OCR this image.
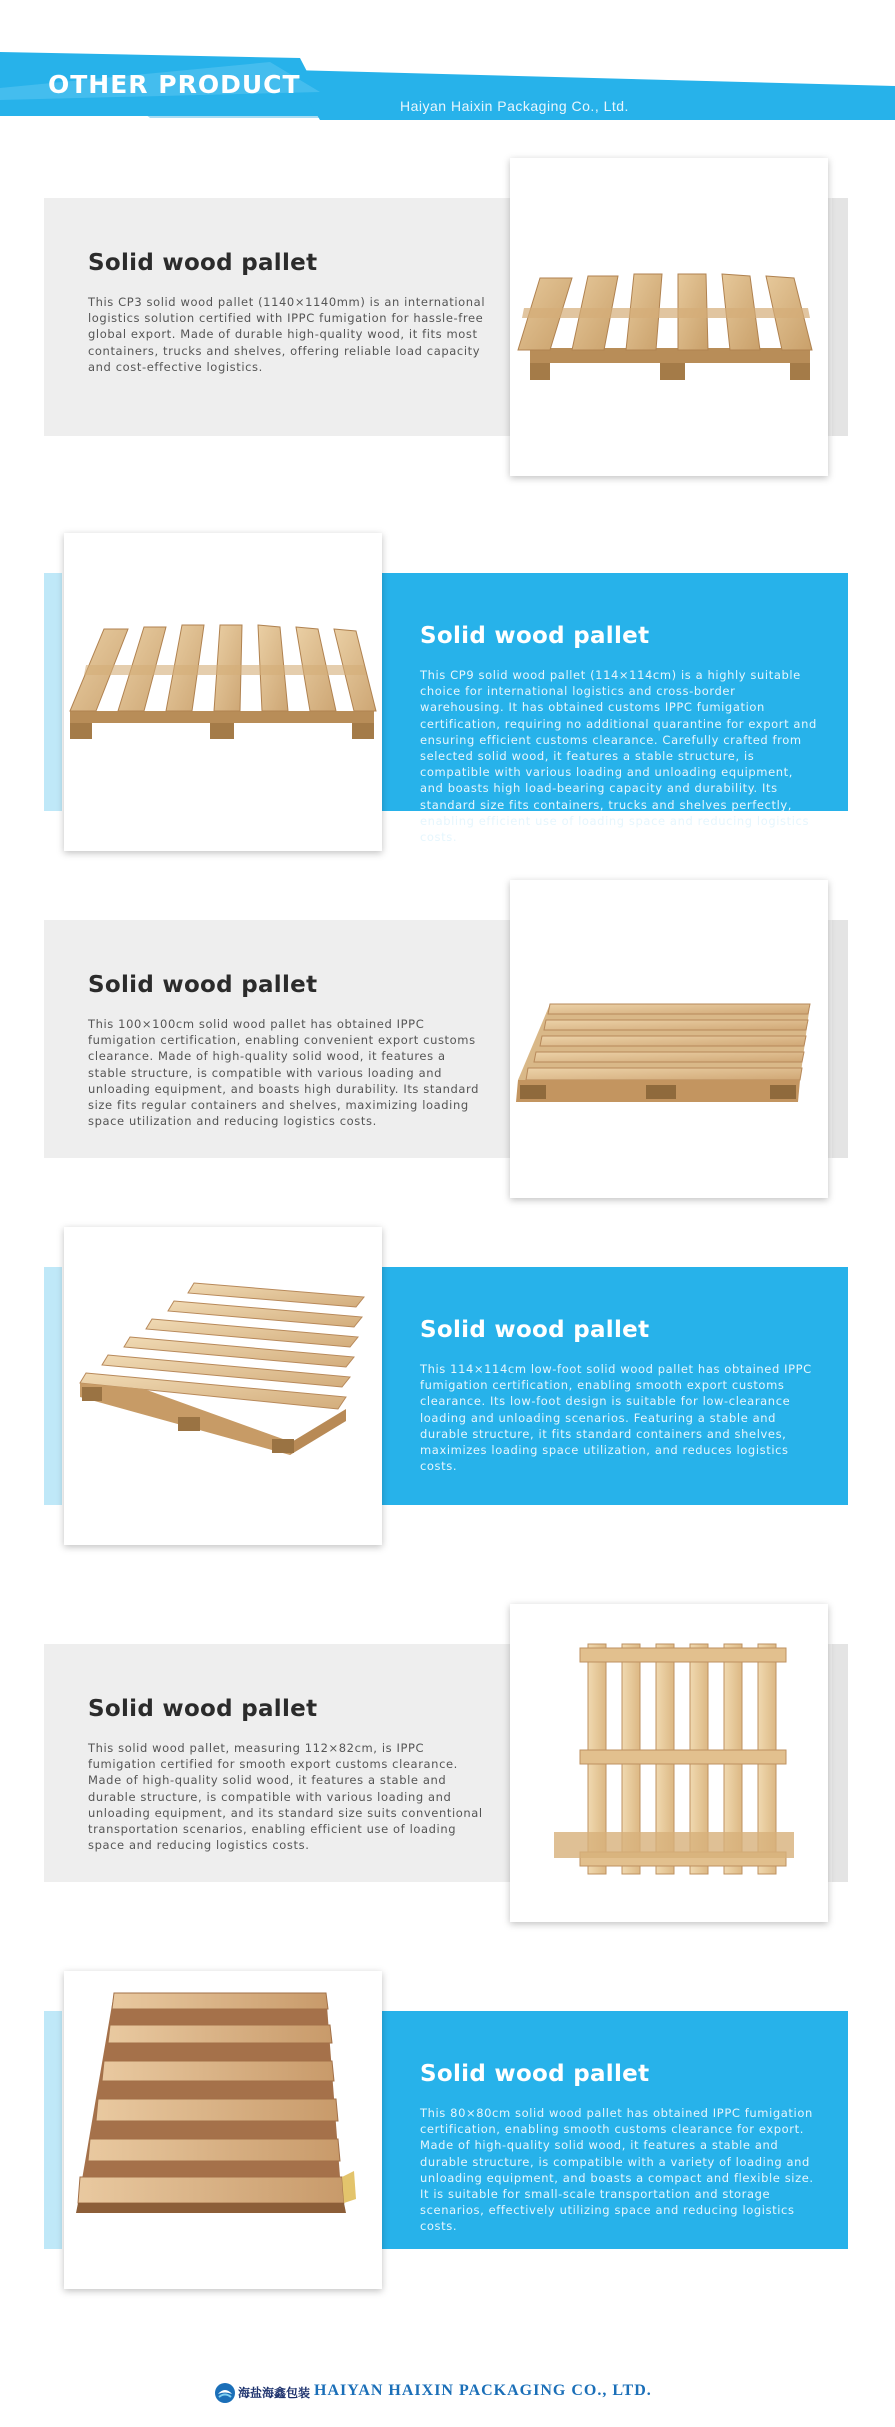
OTHER PRODUCT
Haiyan Haixin Packaging Co., Ltd.
Solid wood pallet

This CP3 solid wood pallet (1140×1140mm) is an international logistics solution certified with IPPC fumigation for hassle-free global export. Made of durable high-quality wood, it fits most containers, trucks and shelves, offering reliable load capacity and cost-effective logistics.

Solid wood pallet

This CP9 solid wood pallet (114×114cm) is a highly suitable choice for international logistics and cross-border warehousing. It has obtained customs IPPC fumigation certification, requiring no additional quarantine for export and ensuring efficient customs clearance. Carefully crafted from selected solid wood, it features a stable structure, is compatible with various loading and unloading equipment, and boasts high load-bearing capacity and durability. Its standard size fits containers, trucks and shelves perfectly, enabling efficient use of loading space and reducing logistics costs.

Solid wood pallet

This 100×100cm solid wood pallet has obtained IPPC fumigation certification, enabling convenient export customs clearance. Made of high-quality solid wood, it features a stable structure, is compatible with various loading and unloading equipment, and boasts high durability. Its standard size fits regular containers and shelves, maximizing loading space utilization and reducing logistics costs.

Solid wood pallet

This 114×114cm low-foot solid wood pallet has obtained IPPC fumigation certification, enabling smooth export customs clearance. Its low-foot design is suitable for low-clearance loading and unloading scenarios. Featuring a stable and durable structure, it fits standard containers and shelves, maximizes loading space utilization, and reduces logistics costs.

Solid wood pallet

This solid wood pallet, measuring 112×82cm, is IPPC fumigation certified for smooth export customs clearance. Made of high-quality solid wood, it features a stable and durable structure, is compatible with various loading and unloading equipment, and its standard size suits conventional transportation scenarios, enabling efficient use of loading space and reducing logistics costs.

Solid wood pallet

This 80×80cm solid wood pallet has obtained IPPC fumigation certification, enabling smooth customs clearance for export. Made of high-quality solid wood, it features a stable and durable structure, is compatible with a variety of loading and unloading equipment, and boasts a compact and flexible size. It is suitable for small-scale transportation and storage scenarios, effectively utilizing space and reducing logistics costs.

海盐海鑫包装 HAIYAN HAIXIN PACKAGING CO., LTD.
